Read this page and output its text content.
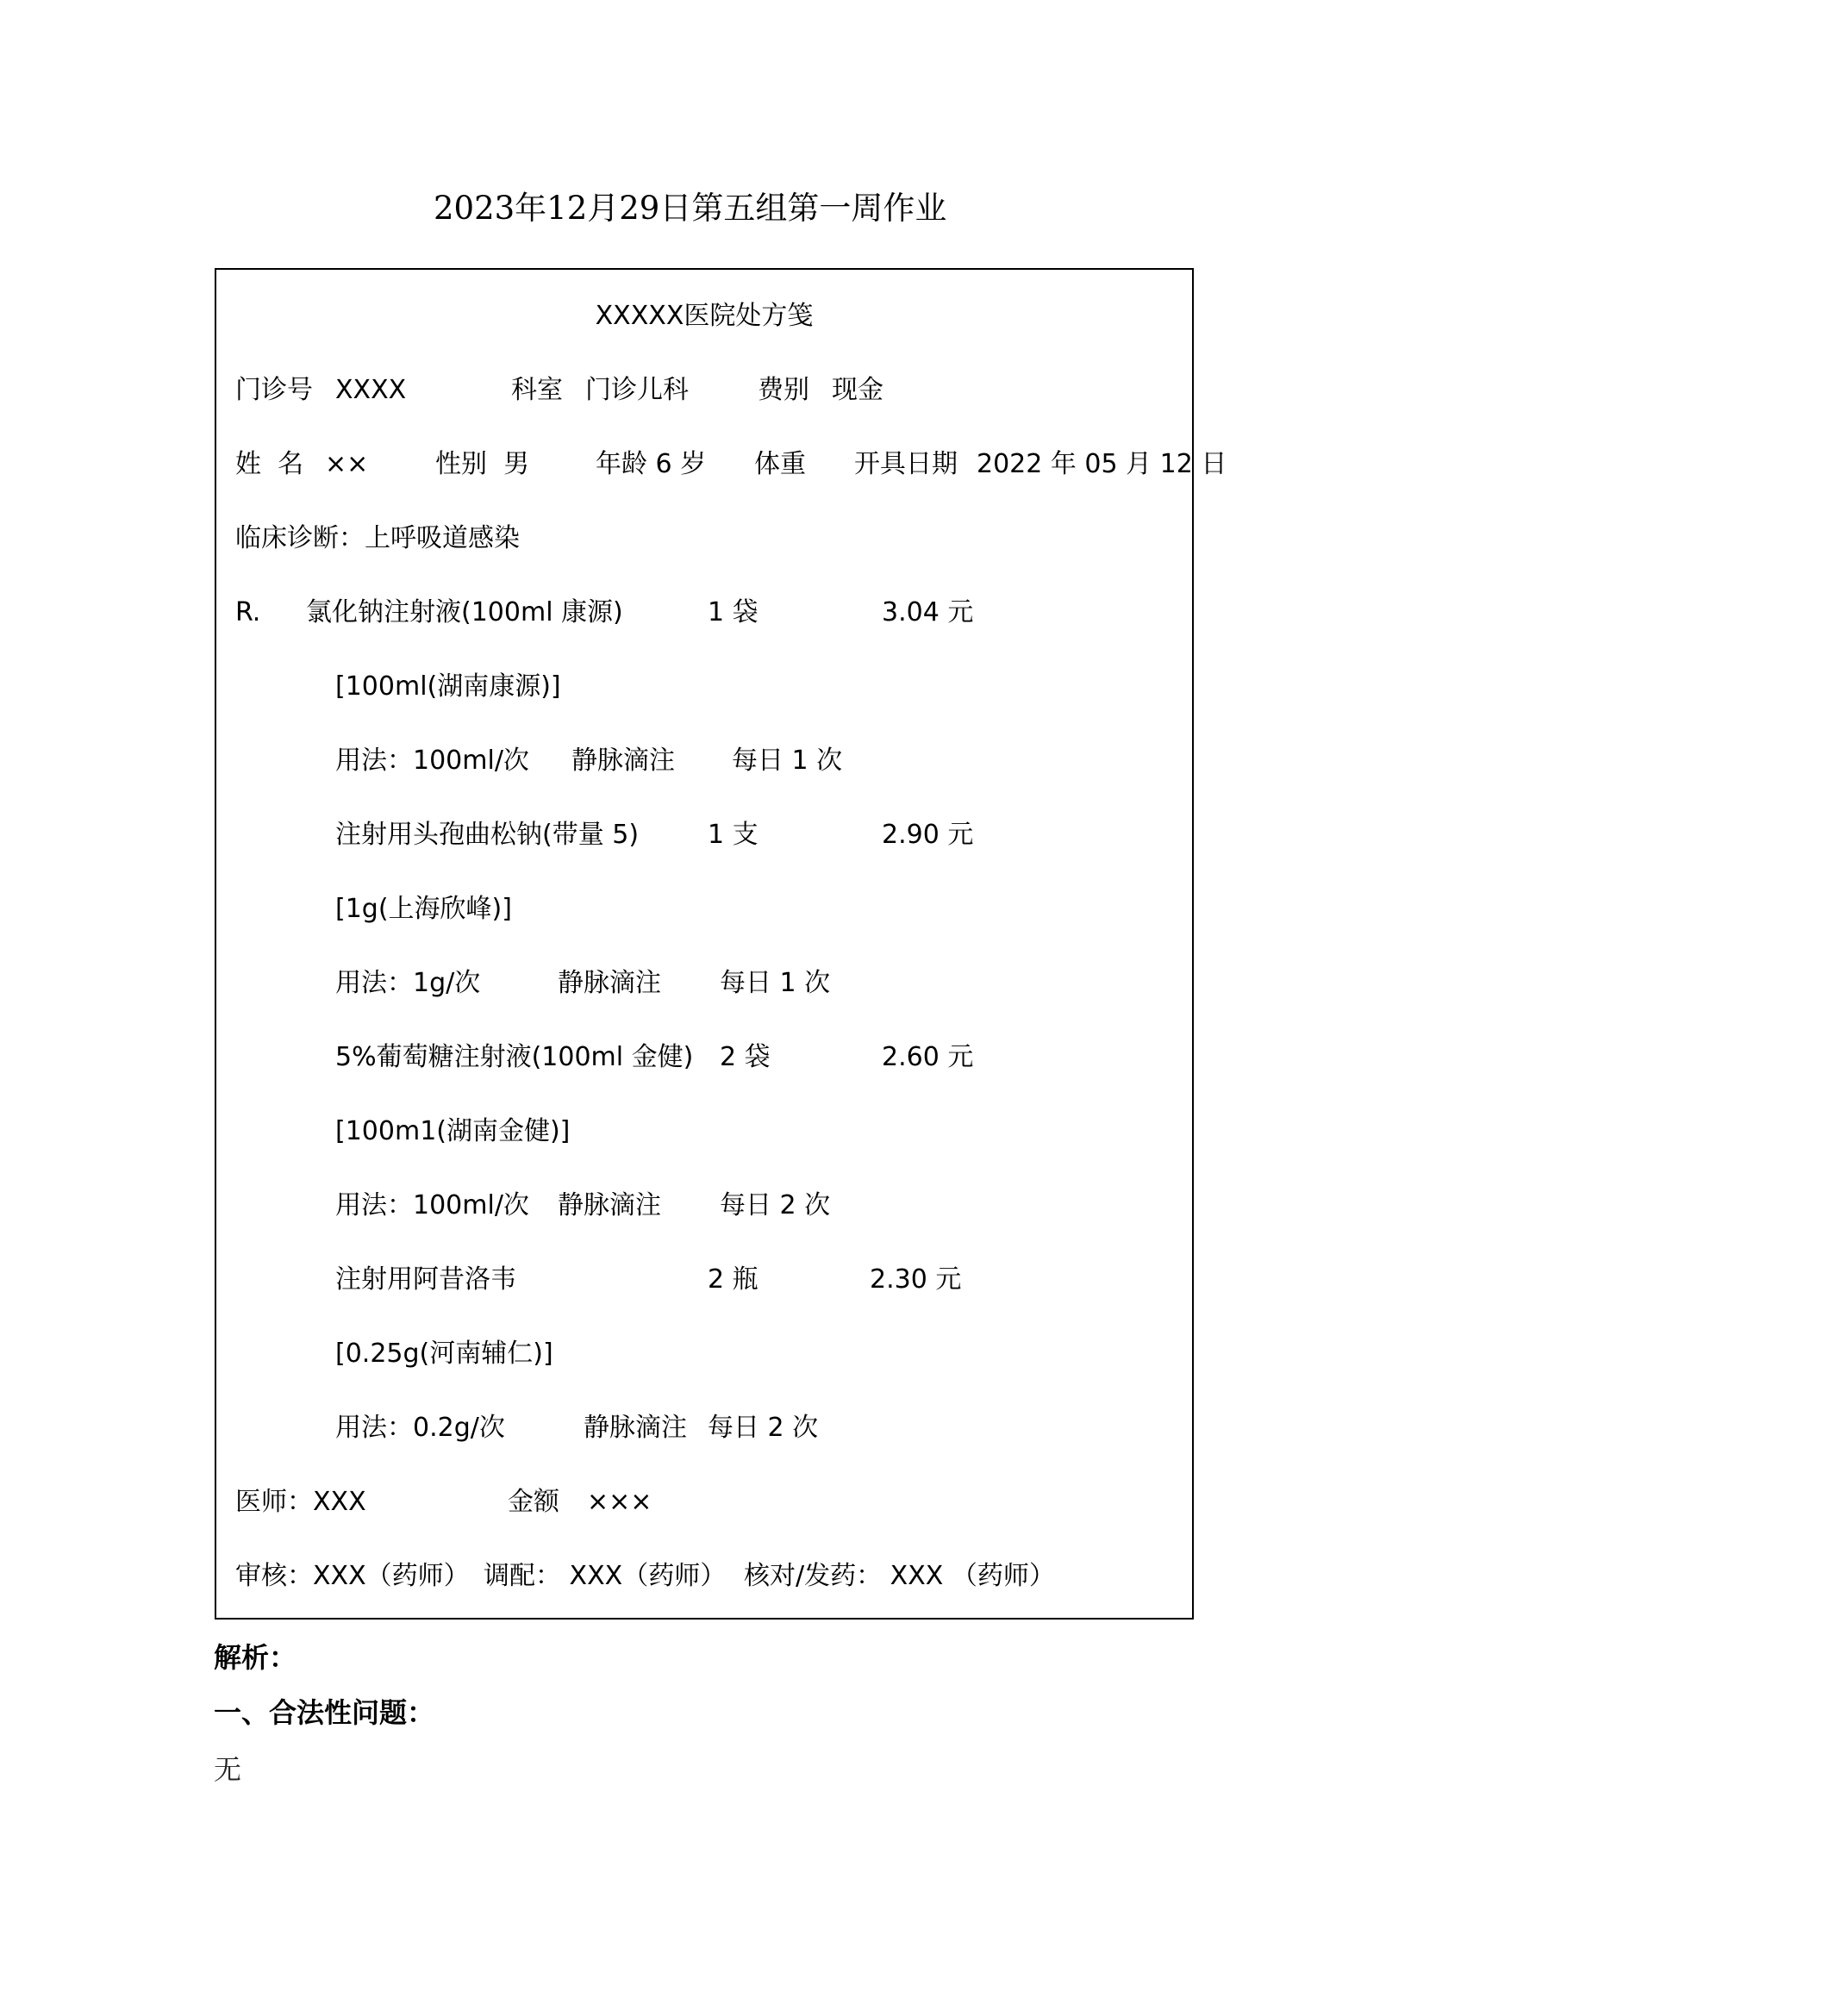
2023年12月29日第五组第一周作业
XXXXX医院处方笺
门诊号 XXXX	科室 门诊儿科	费别 现金
姓  名 ××	性别  男	年龄 6 岁 体重 开具日期 2022 年 05 月 12 日
临床诊断：上呼吸道感染
R. 氯化钠注射液(100ml 康源)	1 袋	3.04 元
[100ml(湖南康源)]
用法：100ml/次 静脉滴注 每日 1 次
注射用头孢曲松钠(带量 5)	1 支	2.90 元
[1g(上海欣峰)]
用法：1g/次	静脉滴注 每日 1 次
5%葡萄糖注射液(100ml 金健) 2 袋	2.60 元
[100m1(湖南金健)]
用法：100ml/次 静脉滴注 每日 2 次
注射用阿昔洛韦	2 瓶	2.30 元
[0.25g(河南辅仁)]
用法：0.2g/次	静脉滴注 每日 2 次
医师：XXX	金额 ×××
审核：XXX（药师） 调配： XXX（药师） 核对/发药： XXX （药师）
解析：
一、合法性问题：
无
